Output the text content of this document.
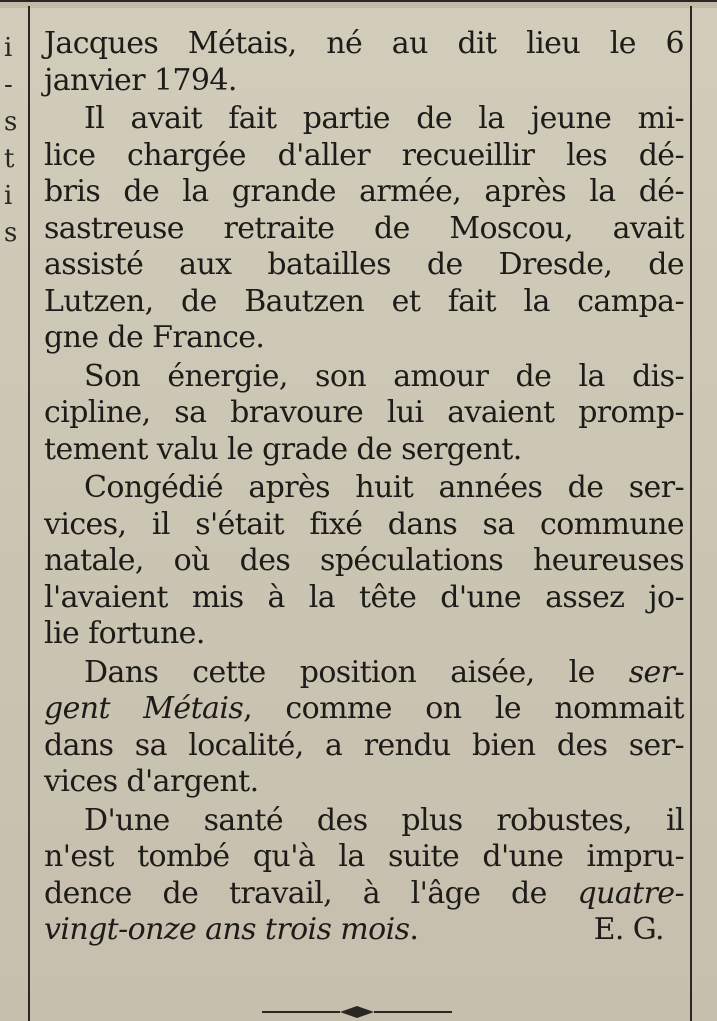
i
-
s
t
i
s
Jacques Métais, né au dit lieu le 6
janvier 1794.
Il avait fait partie de la jeune mi-
lice chargée d'aller recueillir les dé-
bris de la grande armée, après la dé-
sastreuse retraite de Moscou, avait
assisté aux batailles de Dresde, de
Lutzen, de Bautzen et fait la campa-
gne de France.
Son énergie, son amour de la dis-
cipline, sa bravoure lui avaient promp-
tement valu le grade de sergent.
Congédié après huit années de ser-
vices, il s'était fixé dans sa commune
natale, où des spéculations heureuses
l'avaient mis à la tête d'une assez jo-
lie fortune.
Dans cette position aisée, le ser-
gent Métais, comme on le nommait
dans sa localité, a rendu bien des ser-
vices d'argent.
D'une santé des plus robustes, il
n'est tombé qu'à la suite d'une impru-
dence de travail, à l'âge de quatre-
vingt-onze ans trois mois.	E. G.
